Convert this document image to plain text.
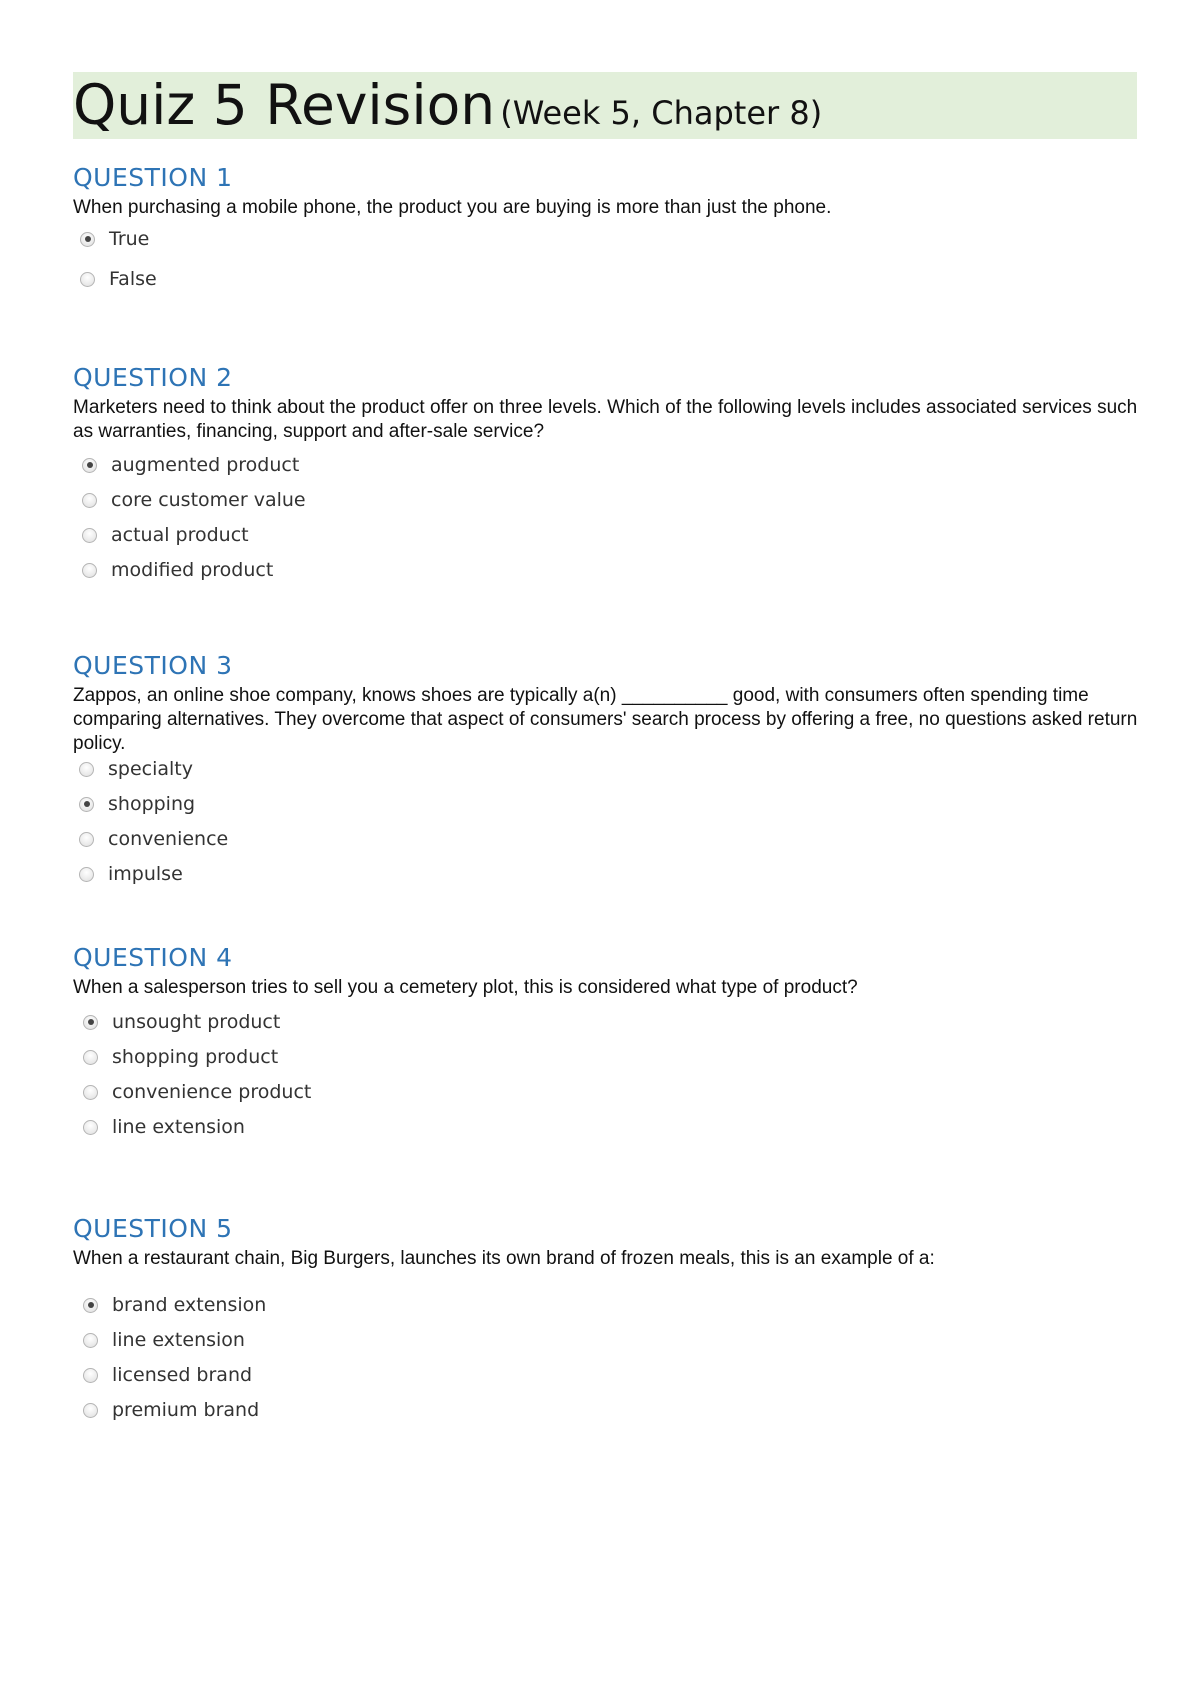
Quiz 5 Revision (Week 5, Chapter 8)
QUESTION 1

When purchasing a mobile phone, the product you are buying is more than just the phone.

True
False
QUESTION 2

Marketers need to think about the product offer on three levels. Which of the following levels includes associated services such as warranties, financing, support and after-sale service?

augmented product
core customer value
actual product
modified product
QUESTION 3

Zappos, an online shoe company, knows shoes are typically a(n) __________ good, with consumers often spending time comparing alternatives. They overcome that aspect of consumers' search process by offering a free, no questions asked return policy.

specialty
shopping
convenience
impulse
QUESTION 4

When a salesperson tries to sell you a cemetery plot, this is considered what type of product?

unsought product
shopping product
convenience product
line extension
QUESTION 5

When a restaurant chain, Big Burgers, launches its own brand of frozen meals, this is an example of a:

brand extension
line extension
licensed brand
premium brand
